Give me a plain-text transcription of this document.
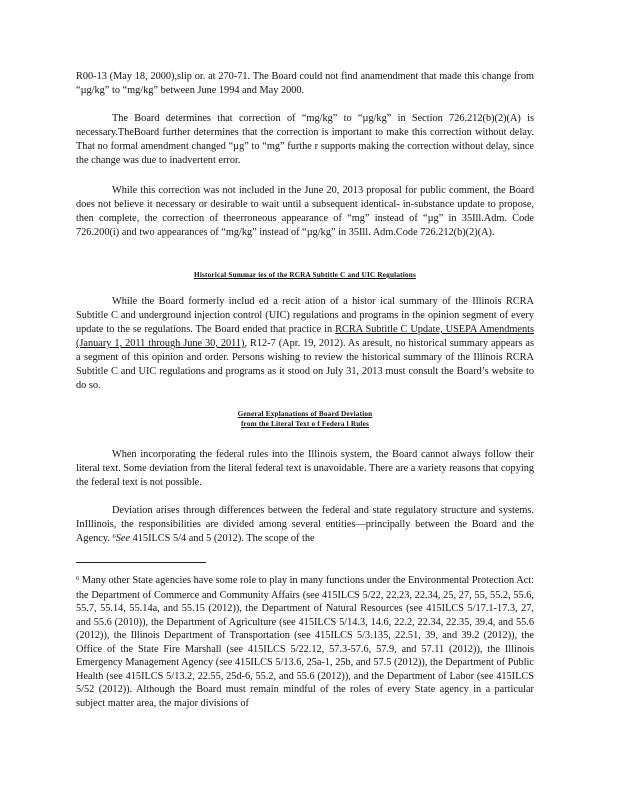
R00-13 (May 18, 2000),slip or. at 270-71. The Board could not find anamendment that made this change from “µg/kg” to “mg/kg” between June 1994 and May 2000.

The Board determines that correction of “mg/kg” to “µg/kg” in Section 726.212(b)(2)(A) is necessary.TheBoard further determines that the correction is important to make this correction without delay. That no formal amendment changed “µg” to “mg” furthe r supports making the correction without delay, since the change was due to inadvertent error.

While this correction was not included in the June 20, 2013 proposal for public comment, the Board does not believe it necessary or desirable to wait until a subsequent identical- in-substance update to propose, then complete, the correction of theerroneous appearance of “mg” instead of “µg” in 35Ill.Adm. Code 726.200(i) and two appearances of “mg/kg” instead of “µg/kg” in 35Ill. Adm.Code 726.212(b)(2)(A).

Historical Summar ies of the RCRA Subtitle C and UIC Regulations

While the Board formerly includ ed a recit ation of a histor ical summary of the Illinois RCRA Subtitle C and underground injection control (UIC) regulations and programs in the opinion segment of every update to the se regulations. The Board ended that practice in RCRA Subtitle C Update, USEPA Amendments (January 1, 2011 through June 30, 2011), R12-7 (Apr. 19, 2012). As aresult, no historical summary appears as a segment of this opinion and order. Persons wishing to review the historical summary of the Illinois RCRA Subtitle C and UIC regulations and programs as it stood on July 31, 2013 must consult the Board’s website to do so.

General Explanations of Board Deviation
from the Literal Text o f Federa l Rules

When incorporating the federal rules into the Illinois system, the Board cannot always follow their literal text. Some deviation from the literal federal text is unavoidable. There are a variety reasons that copying the federal text is not possible.

Deviation arises through differences between the federal and state regulatory structure and systems. InIllinois, the responsibilities are divided among several entities—principally between the Board and the Agency. $^6$See 415ILCS 5/4 and 5 (2012). The scope of the

$^6$ Many other State agencies have some role to play in many functions under the Environmental Protection Act: the Department of Commerce and Community Affairs (see 415ILCS 5/22, 22.23, 22.34, 25, 27, 55, 55.2, 55.6, 55.7, 55.14, 55.14a, and 55.15 (2012)), the Department of Natural Resources (see 415ILCS 5/17.1-17.3, 27, and 55.6 (2010)), the Department of Agriculture (see 415ILCS 5/14.3, 14.6, 22.2, 22.34, 22.35, 39.4, and 55.6 (2012)), the Illinois Department of Transportation (see 415ILCS 5/3.135, 22.51, 39, and 39.2 (2012)), the Office of the State Fire Marshall (see 415ILCS 5/22.12, 57.3-57.6, 57.9, and 57.11 (2012)), the Illinois Emergency Management Agency (see 415ILCS 5/13.6, 25a-1, 25b, and 57.5 (2012)), the Department of Public Health (see 415ILCS 5/13.2, 22.55, 25d-6, 55.2, and 55.6 (2012)), and the Department of Labor (see 415ILCS 5/52 (2012)). Although the Board must remain mindful of the roles of every State agency in a particular subject matter area, the major divisions of
